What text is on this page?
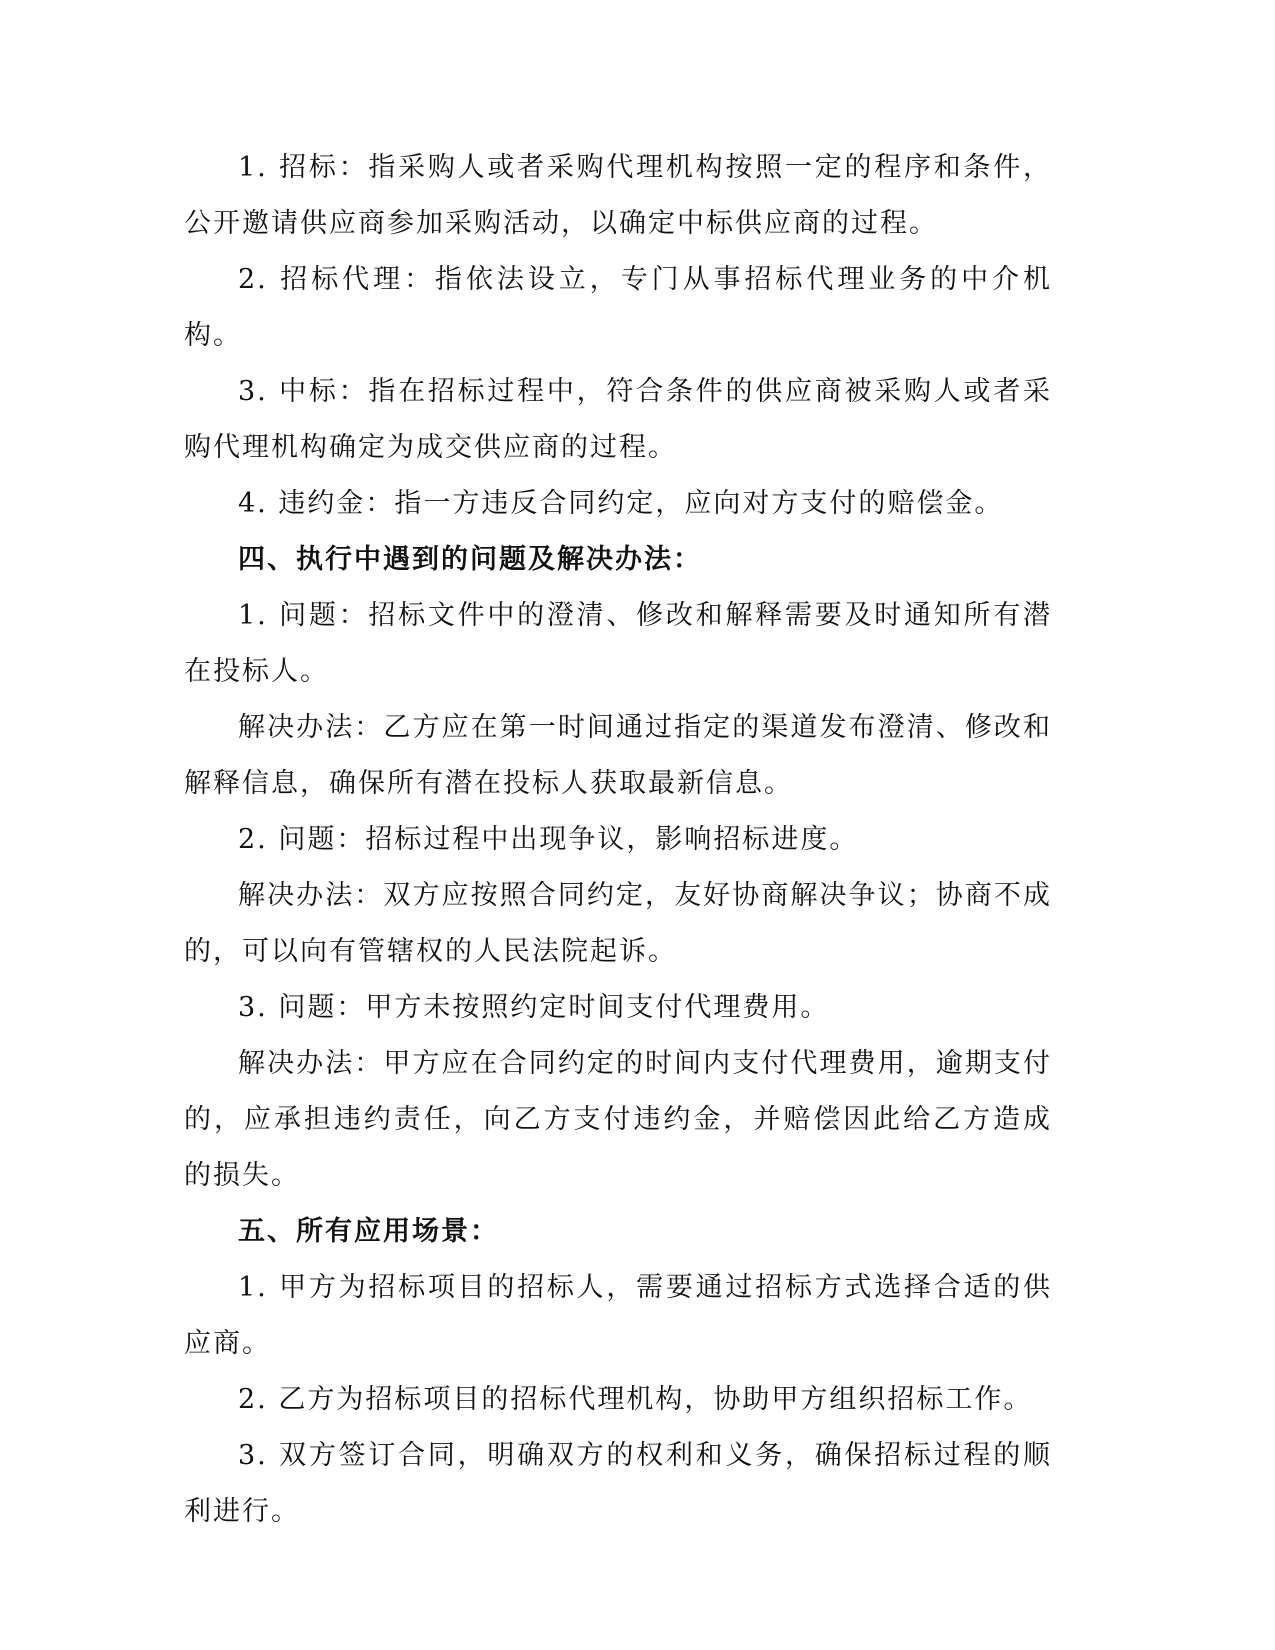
1. 招标：指采购人或者采购代理机构按照一定的程序和条件，公开邀请供应商参加采购活动，以确定中标供应商的过程。

2. 招标代理：指依法设立，专门从事招标代理业务的中介机构。

3. 中标：指在招标过程中，符合条件的供应商被采购人或者采购代理机构确定为成交供应商的过程。

4. 违约金：指一方违反合同约定，应向对方支付的赔偿金。

四、执行中遇到的问题及解决办法：

1. 问题：招标文件中的澄清、修改和解释需要及时通知所有潜在投标人。

解决办法：乙方应在第一时间通过指定的渠道发布澄清、修改和解释信息，确保所有潜在投标人获取最新信息。

2. 问题：招标过程中出现争议，影响招标进度。

解决办法：双方应按照合同约定，友好协商解决争议；协商不成的，可以向有管辖权的人民法院起诉。

3. 问题：甲方未按照约定时间支付代理费用。

解决办法：甲方应在合同约定的时间内支付代理费用，逾期支付的，应承担违约责任，向乙方支付违约金，并赔偿因此给乙方造成的损失。

五、所有应用场景：

1. 甲方为招标项目的招标人，需要通过招标方式选择合适的供应商。

2. 乙方为招标项目的招标代理机构，协助甲方组织招标工作。

3. 双方签订合同，明确双方的权利和义务，确保招标过程的顺利进行。
